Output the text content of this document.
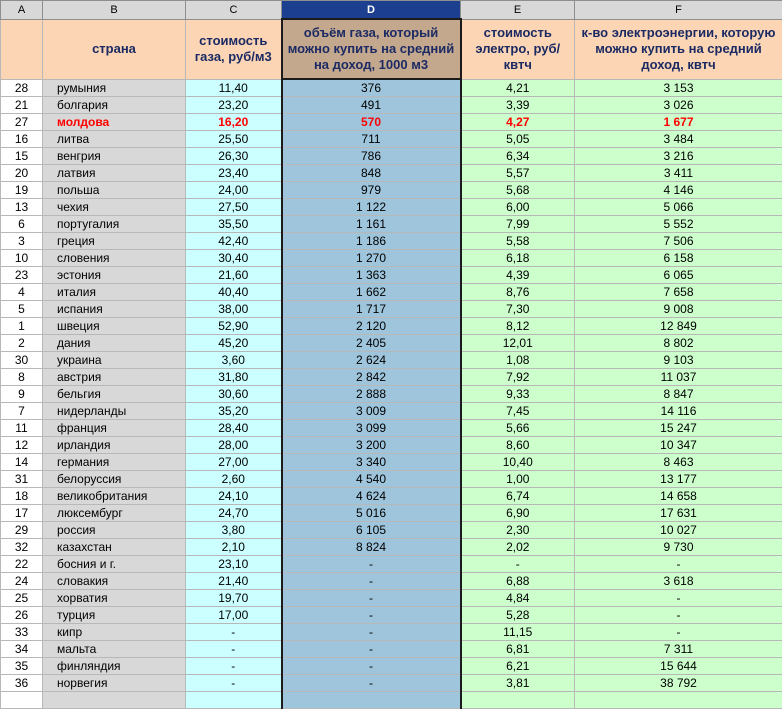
A	B	C	D	E	F
	страна	стоимость газа, руб/м3	объём газа, который можно купить на средний на доход, 1000 м3	стоимость электро, руб/квтч	к-во электроэнергии, которую можно купить на средний доход, квтч
28	румыния	11,40	376	4,21	3 153
21	болгария	23,20	491	3,39	3 026
27	молдова	16,20	570	4,27	1 677
16	литва	25,50	711	5,05	3 484
15	венгрия	26,30	786	6,34	3 216
20	латвия	23,40	848	5,57	3 411
19	польша	24,00	979	5,68	4 146
13	чехия	27,50	1 122	6,00	5 066
6	португалия	35,50	1 161	7,99	5 552
3	греция	42,40	1 186	5,58	7 506
10	словения	30,40	1 270	6,18	6 158
23	эстония	21,60	1 363	4,39	6 065
4	италия	40,40	1 662	8,76	7 658
5	испания	38,00	1 717	7,30	9 008
1	швеция	52,90	2 120	8,12	12 849
2	дания	45,20	2 405	12,01	8 802
30	украина	3,60	2 624	1,08	9 103
8	австрия	31,80	2 842	7,92	11 037
9	бельгия	30,60	2 888	9,33	8 847
7	нидерланды	35,20	3 009	7,45	14 116
11	франция	28,40	3 099	5,66	15 247
12	ирландия	28,00	3 200	8,60	10 347
14	германия	27,00	3 340	10,40	8 463
31	белоруссия	2,60	4 540	1,00	13 177
18	великобритания	24,10	4 624	6,74	14 658
17	люксембург	24,70	5 016	6,90	17 631
29	россия	3,80	6 105	2,30	10 027
32	казахстан	2,10	8 824	2,02	9 730
22	босния и г.	23,10	-	-	-
24	словакия	21,40	-	6,88	3 618
25	хорватия	19,70	-	4,84	-
26	турция	17,00	-	5,28	-
33	кипр	-	-	11,15	-
34	мальта	-	-	6,81	7 311
35	финляндия	-	-	6,21	15 644
36	норвегия	-	-	3,81	38 792
